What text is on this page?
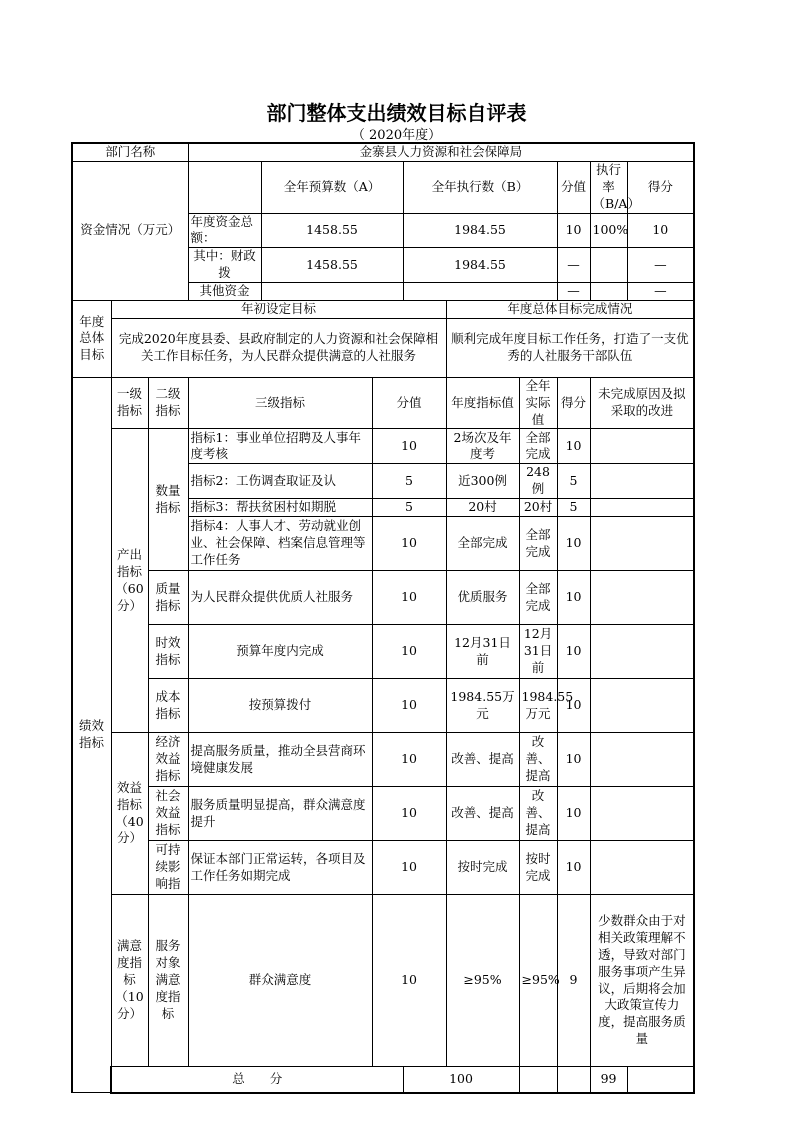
部门整体支出绩效目标自评表
（ 2020年度）
部门名称			金寨县人力资源和社会保障局								
资金情况（万元）				全年预算数（A）		全年执行数（B）			分值	执行率（B/A）	得分
			年度资金总额：	1458.55		1984.55			10	100%	10
			其中：财政拨	1458.55		1984.55			—		—
			其他资金						—		—
年度总体目标	年初设定目标						年度总体目标完成情况				
	完成2020年度县委、县政府制定的人力资源和社会保障相关工作目标任务，为人民群众提供满意的人社服务						顺利完成年度目标工作任务，打造了一支优秀的人社服务干部队伍				
绩效指标	一级指标	二级指标	三级指标		分值		年度指标值	全年实际值	得分	未完成原因及拟采取的改进	
	产出指标（60分）	数量指标	指标1：事业单位招聘及人事年度考核		10		2场次及年度考	全部完成	10		
			指标2：工伤调查取证及认		5		近300例	248例	5		
			指标3：帮扶贫困村如期脱		5		20村	20村	5		
			指标4：人事人才、劳动就业创业、社会保障、档案信息管理等工作任务		10		全部完成	全部完成	10		
		质量指标	为人民群众提供优质人社服务		10		优质服务	全部完成	10		
		时效指标	预算年度内完成		10		12月31日前	12月31日前	10		
		成本指标	按预算拨付		10		1984.55万元	1984.55万元	10		
	效益指标（40分）	经济效益指标	提高服务质量，推动全县营商环境健康发展		10		改善、提高	改善、提高	10		
		社会效益指标	服务质量明显提高，群众满意度提升		10		改善、提高	改善、提高	10		
		可持续影响指	保证本部门正常运转，各项目及工作任务如期完成		10		按时完成	按时完成	10		
	满意度指标（10分）	服务对象满意度指标	群众满意度		10		≥95%	≥95%	9	少数群众由于对相关政策理解不透，导致对部门服务事项产生异议，后期将会加大政策宣传力度，提高服务质量	
	总　　分					100				99	
